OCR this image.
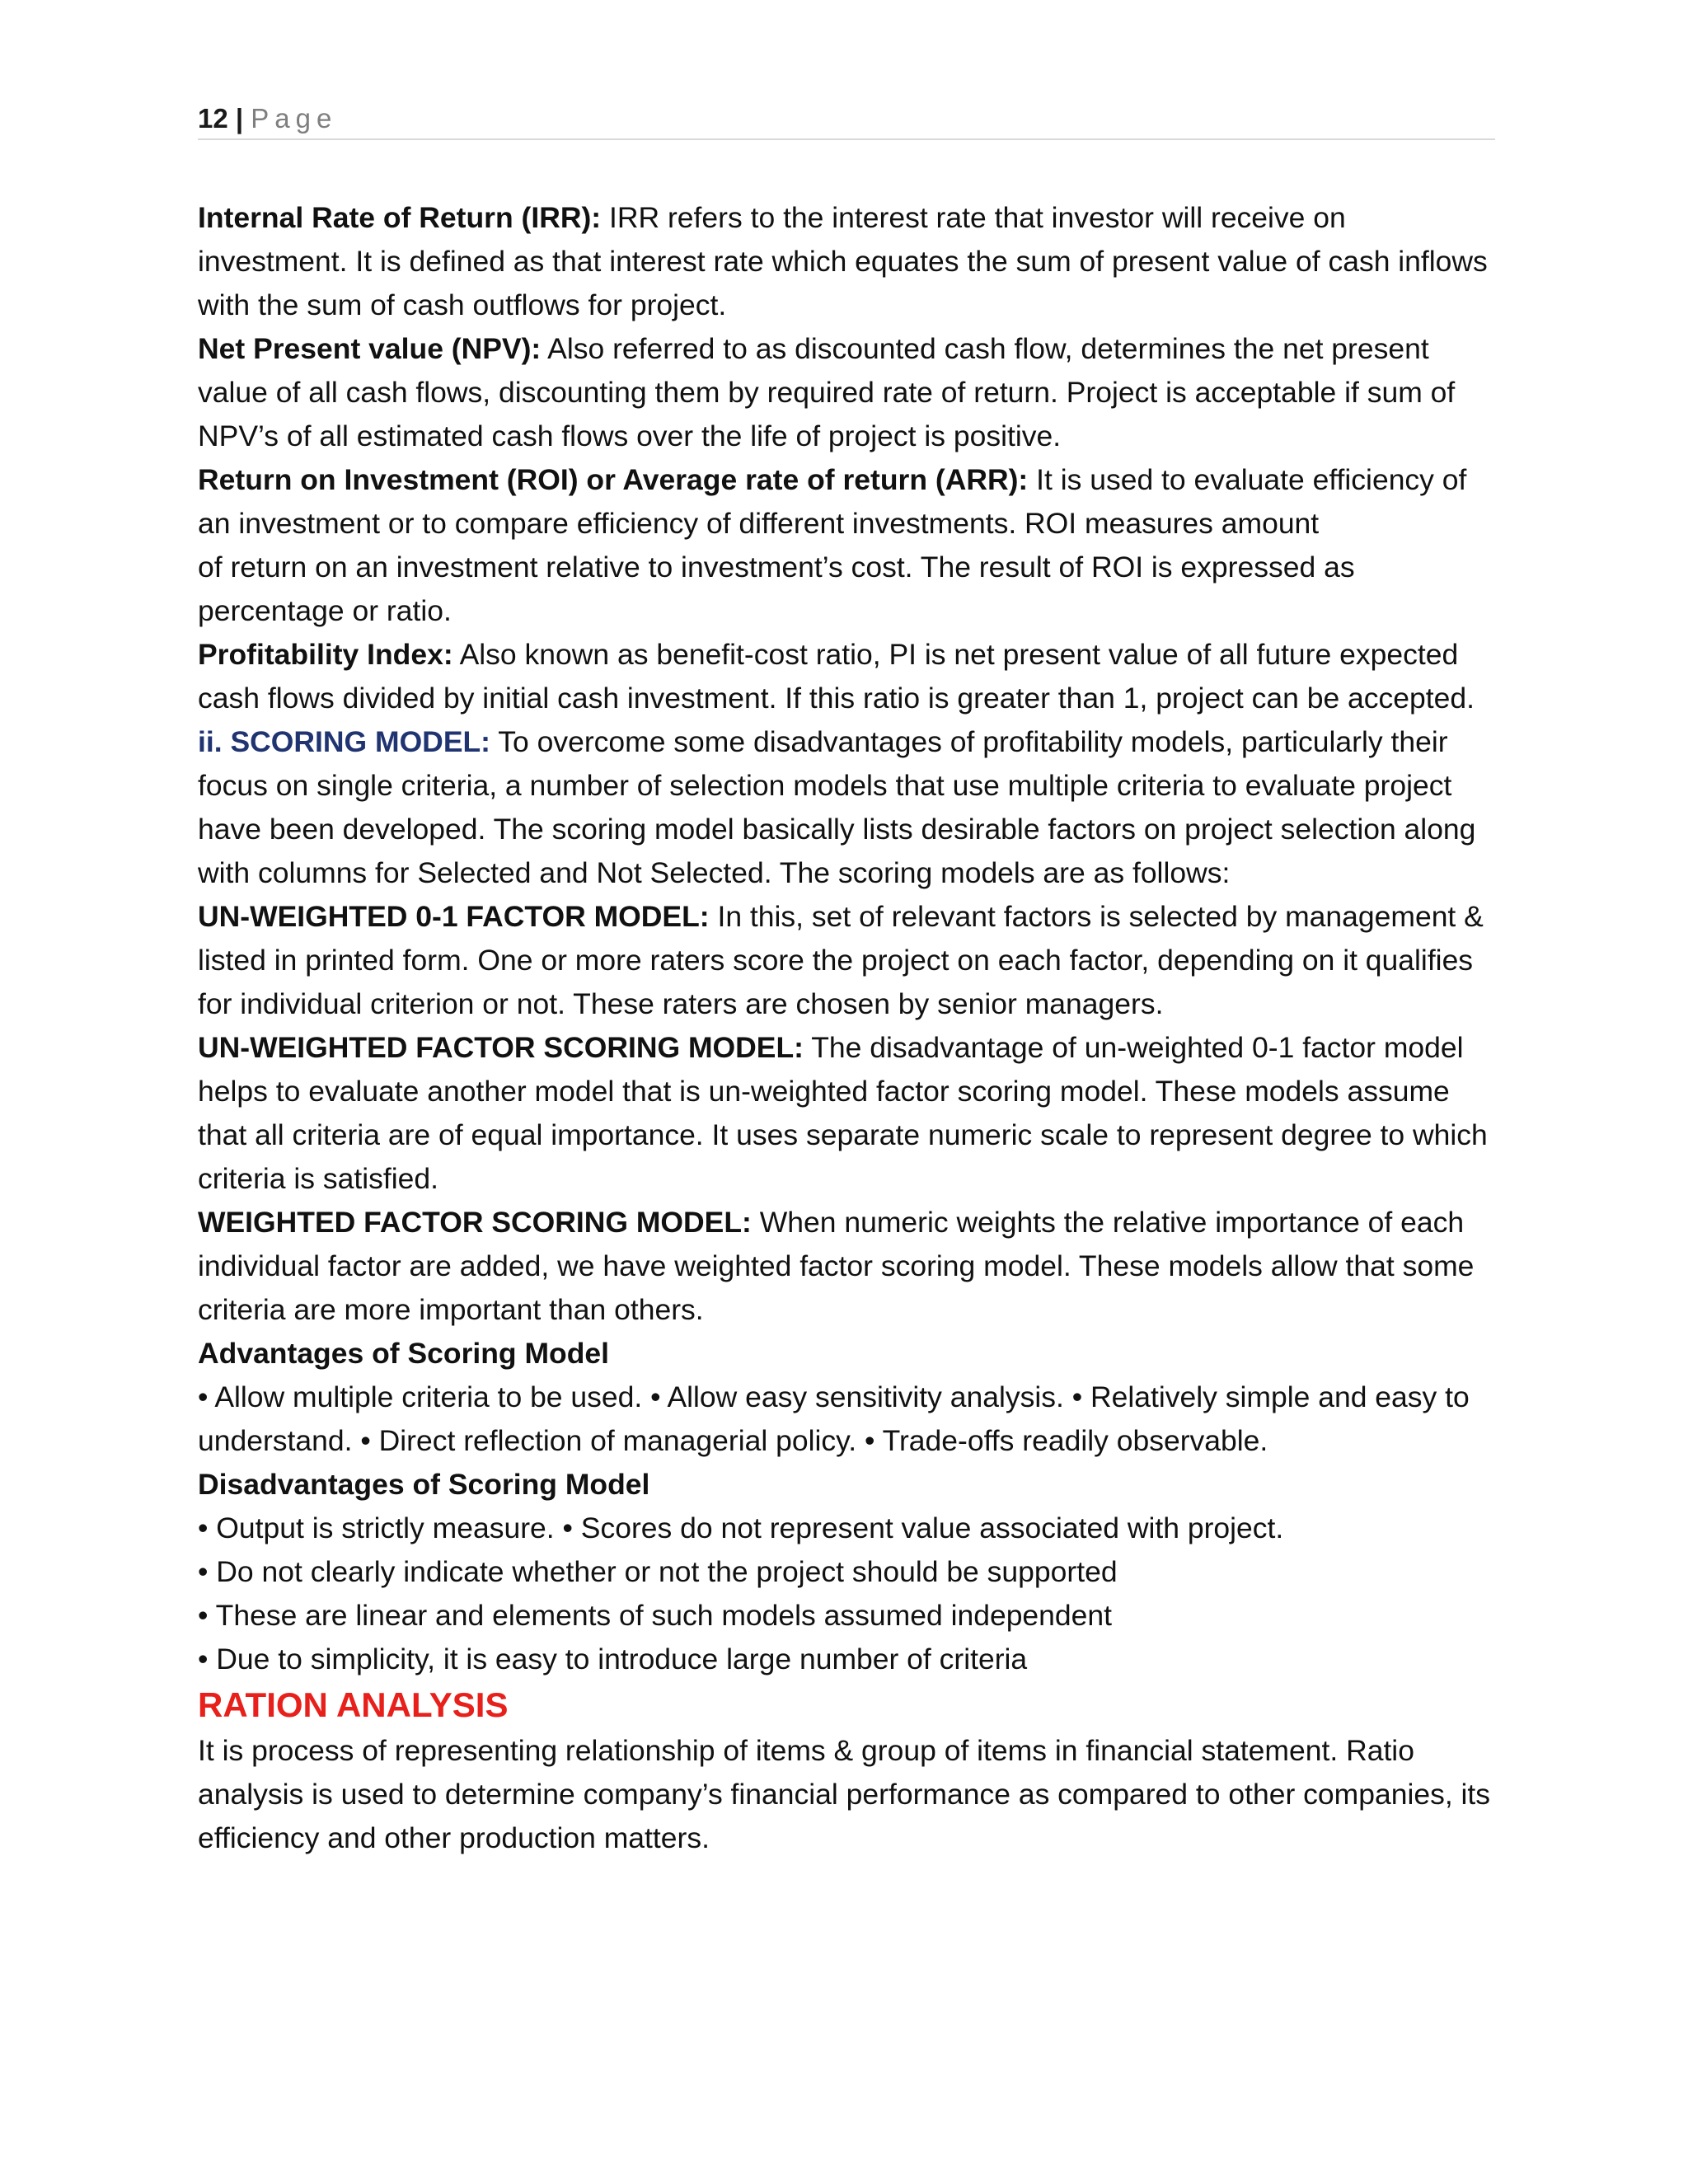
12 | Page

Internal Rate of Return (IRR): IRR refers to the interest rate that investor will receive on investment. It is defined as that interest rate which equates the sum of present value of cash inflows with the sum of cash outflows for project.

Net Present value (NPV): Also referred to as discounted cash flow, determines the net present value of all cash flows, discounting them by required rate of return. Project is acceptable if sum of NPV’s of all estimated cash flows over the life of project is positive.

Return on Investment (ROI) or Average rate of return (ARR): It is used to evaluate efficiency of an investment or to compare efficiency of different investments. ROI measures amount
of return on an investment relative to investment’s cost. The result of ROI is expressed as percentage or ratio.

Profitability Index: Also known as benefit-cost ratio, PI is net present value of all future expected cash flows divided by initial cash investment. If this ratio is greater than 1, project can be accepted.

ii. SCORING MODEL: To overcome some disadvantages of profitability models, particularly their focus on single criteria, a number of selection models that use multiple criteria to evaluate project have been developed. The scoring model basically lists desirable factors on project selection along with columns for Selected and Not Selected. The scoring models are as follows:

UN-WEIGHTED 0-1 FACTOR MODEL: In this, set of relevant factors is selected by management & listed in printed form. One or more raters score the project on each factor, depending on it qualifies for individual criterion or not. These raters are chosen by senior managers.

UN-WEIGHTED FACTOR SCORING MODEL: The disadvantage of un-weighted 0-1 factor model helps to evaluate another model that is un-weighted factor scoring model. These models assume that all criteria are of equal importance. It uses separate numeric scale to represent degree to which criteria is satisfied.

WEIGHTED FACTOR SCORING MODEL: When numeric weights the relative importance of each individual factor are added, we have weighted factor scoring model. These models allow that some criteria are more important than others.

Advantages of Scoring Model

• Allow multiple criteria to be used. • Allow easy sensitivity analysis. • Relatively simple and easy to understand. • Direct reflection of managerial policy. • Trade-offs readily observable.

Disadvantages of Scoring Model

• Output is strictly measure. • Scores do not represent value associated with project.

• Do not clearly indicate whether or not the project should be supported

• These are linear and elements of such models assumed independent

• Due to simplicity, it is easy to introduce large number of criteria

RATION ANALYSIS

It is process of representing relationship of items & group of items in financial statement. Ratio analysis is used to determine company’s financial performance as compared to other companies, its efficiency and other production matters.
